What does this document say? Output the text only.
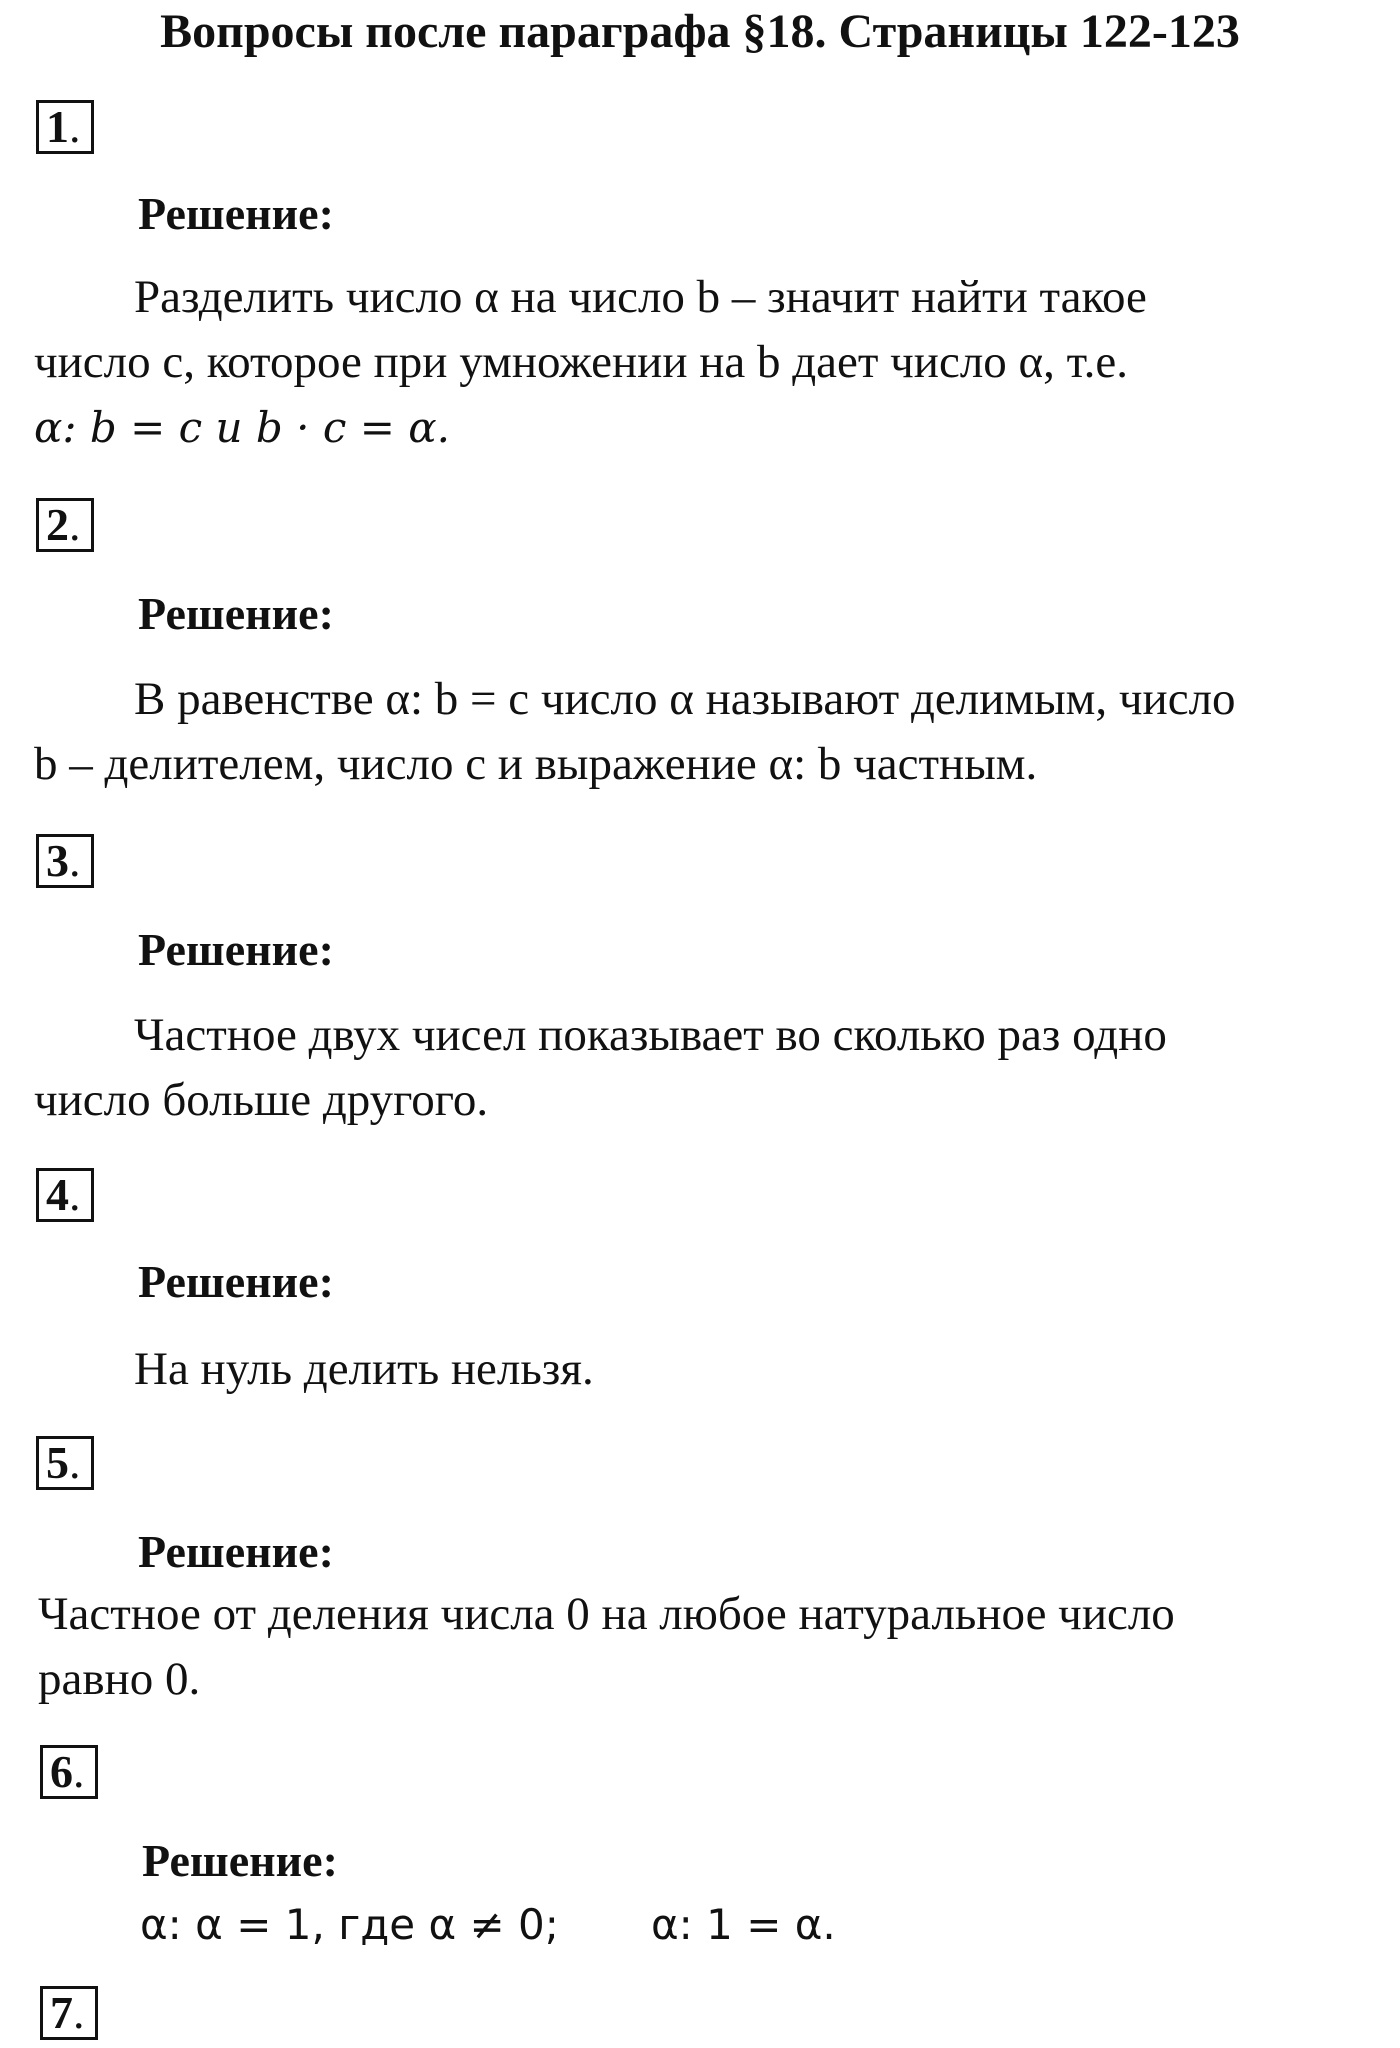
Вопросы после параграфа §18. Страницы 122-123
1.
Решение:
Разделить число α на число b – значит найти такое
число c, которое при умножении на b дает число α, т.е.
α: b = c и b · c = α.
2.
Решение:
В равенстве α: b = c число α называют делимым, число
b – делителем, число c и выражение α: b частным.
3.
Решение:
Частное двух чисел показывает во сколько раз одно
число больше другого.
4.
Решение:
На нуль делить нельзя.
5.
Решение:
Частное от деления числа 0 на любое натуральное число
равно 0.
6.
Решение:
α: α = 1, где α ≠ 0; α: 1 = α.
7.
